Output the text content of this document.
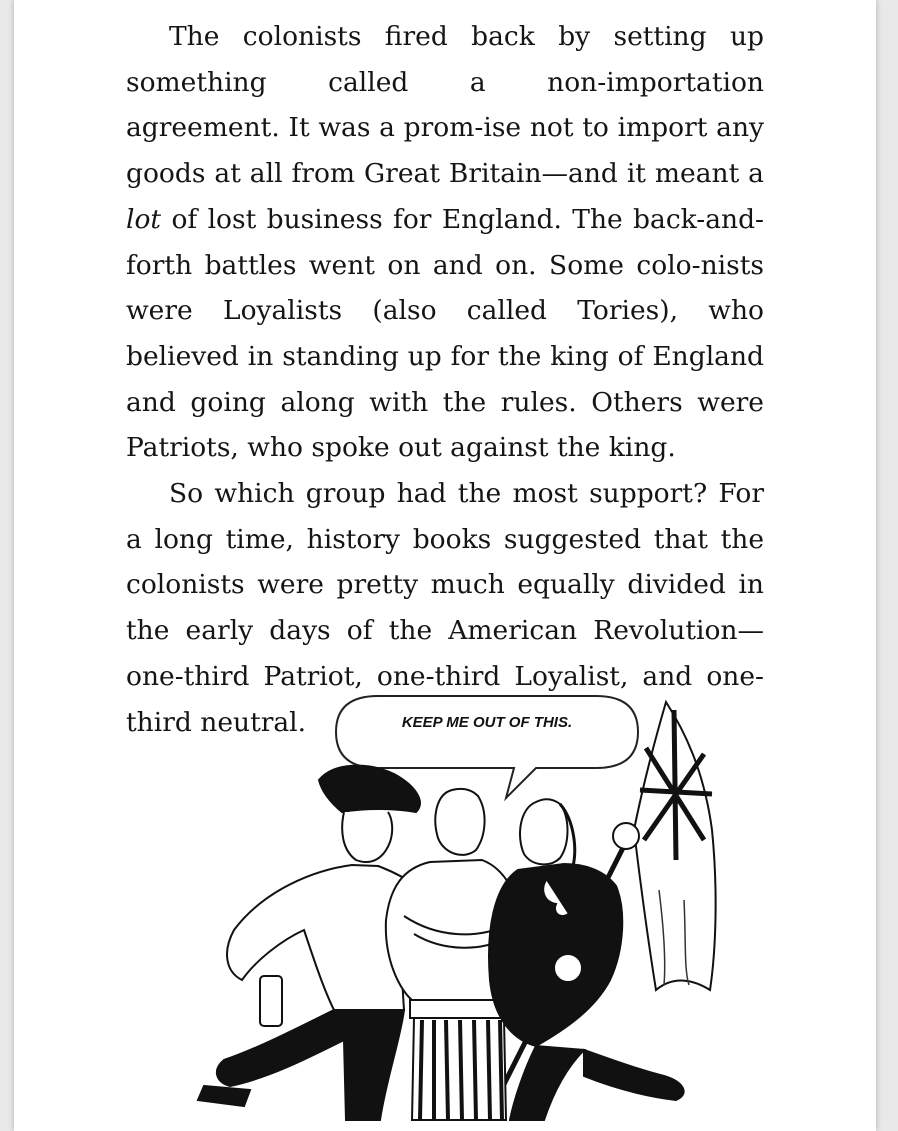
The colonists fired back by setting up something called a non-importation agreement. It was a prom-ise not to import any goods at all from Great Britain—and it meant a lot of lost business for England. The back-and-forth battles went on and on. Some colo-nists were Loyalists (also called Tories), who believed in standing up for the king of England and going along with the rules. Others were Patriots, who spoke out against the king.

So which group had the most support? For a long time, history books suggested that the colonists were pretty much equally divided in the early days of the American Revolution—one-third Patriot, one-third Loyalist, and one-third neutral.	KEEP ME OUT OF THIS.
